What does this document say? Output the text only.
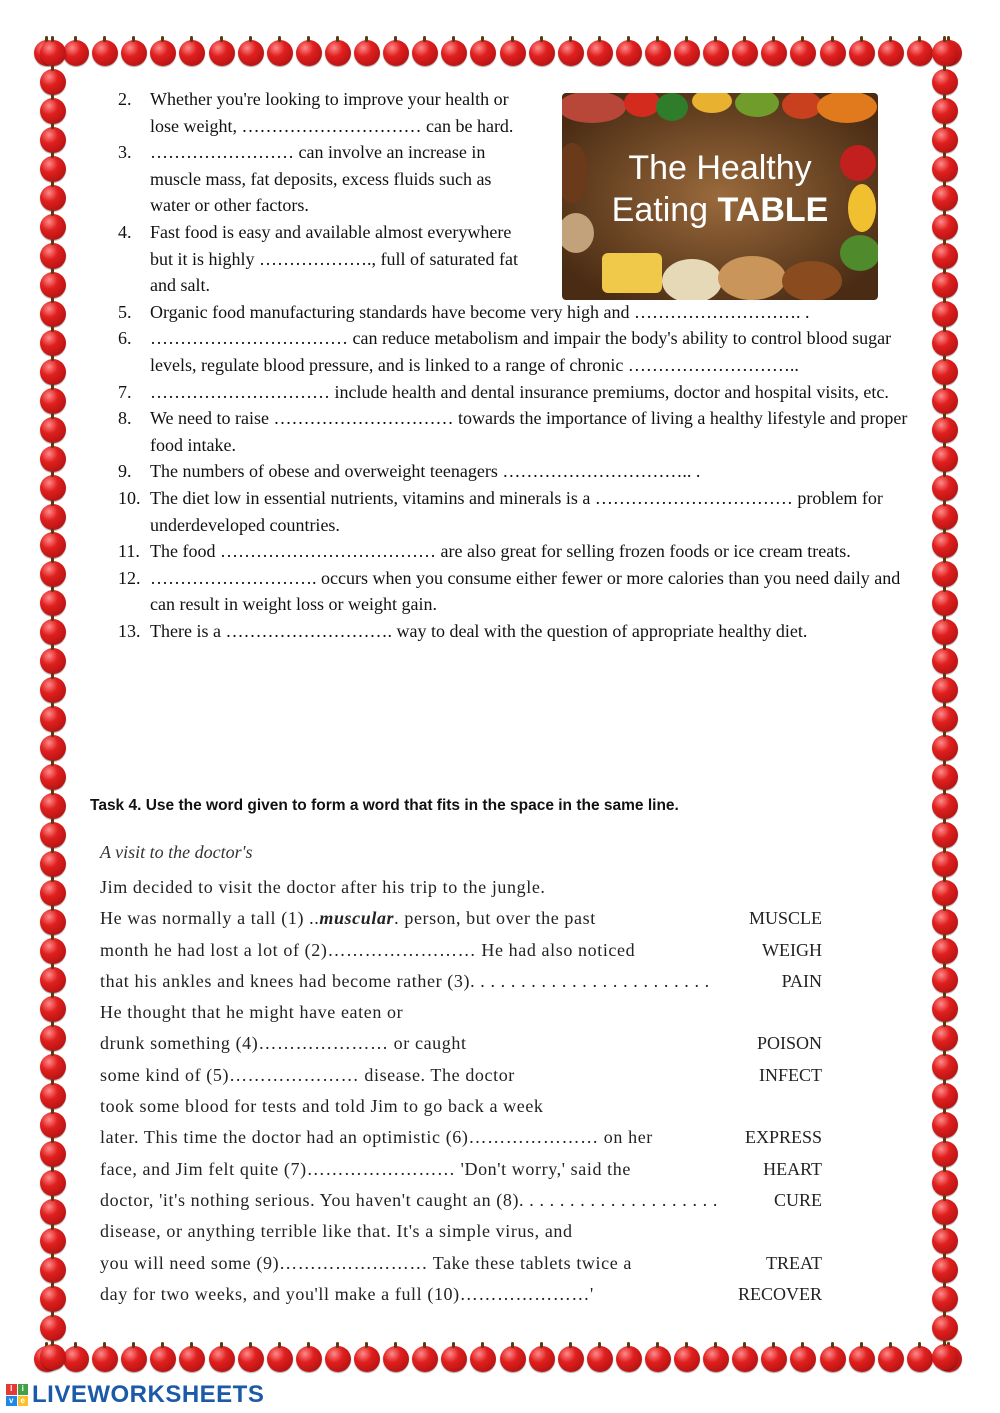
2.	Whether you're looking to improve your health or lose weight, ………………………… can be hard.
3.	…………………… can involve an increase in muscle mass, fat deposits, excess fluids such as water or other factors.
4.	Fast food is easy and available almost everywhere but it is highly ………………., full of saturated fat and salt.
5.	Organic food manufacturing standards have become very high and ………………………. .
6.	…………………………… can reduce metabolism and impair the body's ability to control blood sugar levels, regulate blood pressure, and is linked to a range of chronic ………………………..
7.	………………………… include health and dental insurance premiums, doctor and hospital visits, etc.
8.	We need to raise ………………………… towards the importance of living a healthy lifestyle and proper food intake.
9.	The numbers of obese and overweight teenagers ………………………….. .
10. The diet low in essential nutrients, vitamins and minerals is a …………………………… problem for underdeveloped countries.
11. The food ……………………………… are also great for selling frozen foods or ice cream treats.
12. ………………………. occurs when you consume either fewer or more calories than you need daily and can result in weight loss or weight gain.
13. There is a ………………………. way to deal with the question of appropriate healthy diet.
The Healthy
Eating TABLE
Task 4. Use the word given to form a word that fits in the space in the same line.
A visit to the doctor's
Jim decided to visit the doctor after his trip to the jungle.
He was normally a tall (1) ..muscular. person, but over the past	MUSCLE
month he had lost a lot of (2)…………………… He had also noticed	WEIGH
that his ankles and knees had become rather (3). . . . . . . . . . . . . . . . . . . . . . . .	PAIN
He thought that he might have eaten or
drunk something (4)………………… or caught	POISON
some kind of (5)………………… disease. The doctor	INFECT
took some blood for tests and told Jim to go back a week
later. This time the doctor had an optimistic (6)………………… on her	EXPRESS
face, and Jim felt quite (7)…………………… 'Don't worry,' said the	HEART
doctor, 'it's nothing serious. You haven't caught an (8). . . . . . . . . . . . . . . . . . . .	CURE
disease, or anything terrible like that. It's a simple virus, and
you will need some (9)…………………… Take these tablets twice a	TREAT
day for two weeks, and you'll make a full (10)…………………'	RECOVER
l	i
v e LIVEWORKSHEETS
